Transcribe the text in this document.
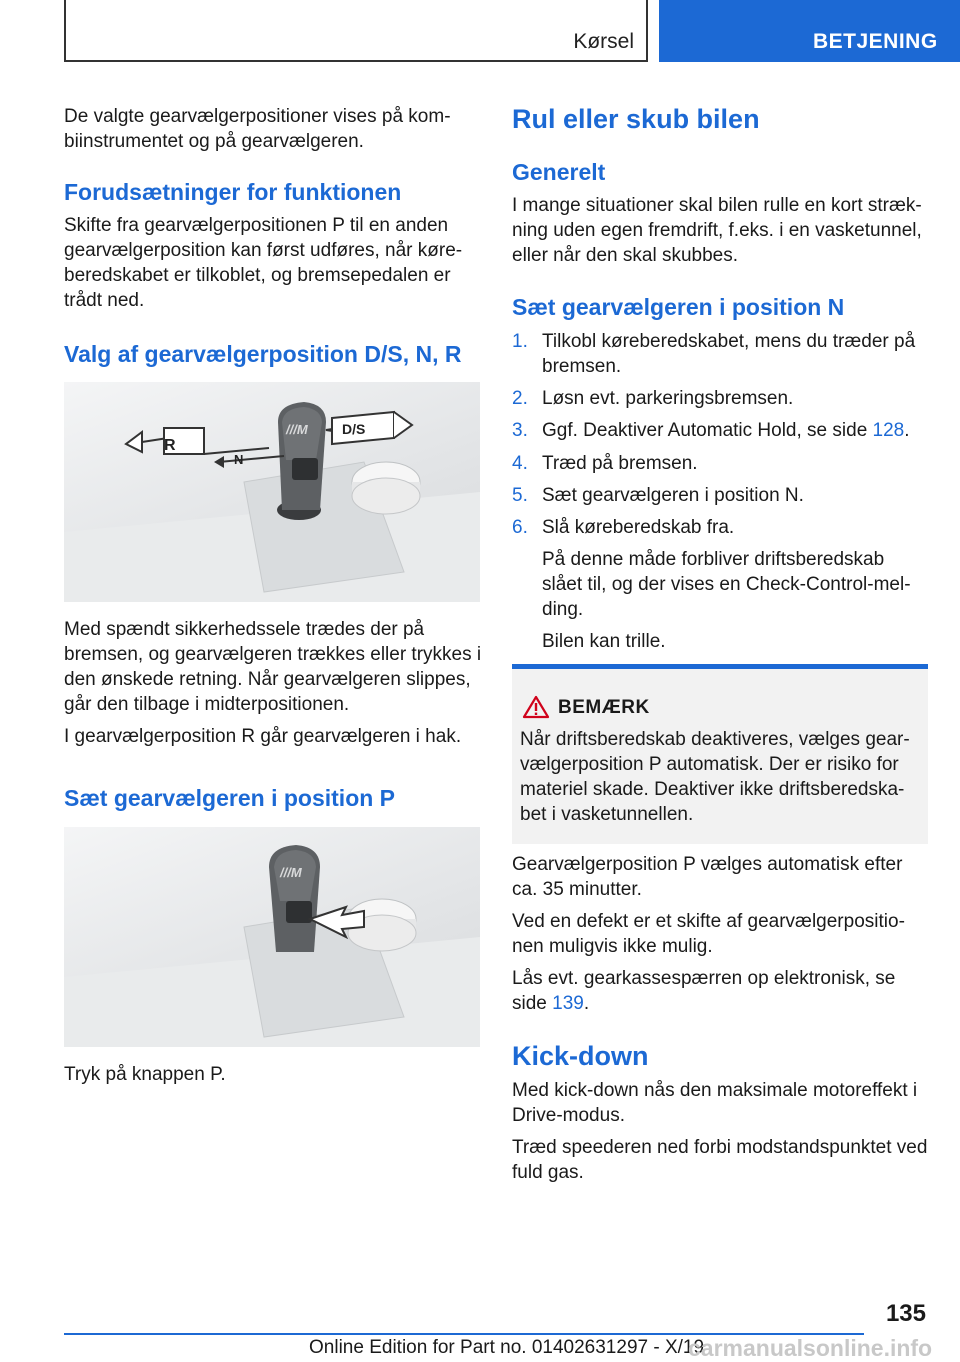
Kørsel	BETJENING

De valgte gearvælgerpositioner vises på kombiinstrumentet og på gearvælgeren.

Forudsætninger for funktionen

Skifte fra gearvælgerpositionen P til en anden gearvælgerposition kan først udføres, når køreberedskabet er tilkoblet, og bremsepedalen er trådt ned.

Valg af gearvælgerposition D/S, N, R

R
N
D/S
///M

Med spændt sikkerhedssele trædes der på bremsen, og gearvælgeren trækkes eller trykkes i den ønskede retning. Når gearvælgeren slippes, går den tilbage i midterpositionen.

I gearvælgerposition R går gearvælgeren i hak.

Sæt gearvælgeren i position P

///M

Tryk på knappen P.

Rul eller skub bilen

Generelt

I mange situationer skal bilen rulle en kort strækning uden egen fremdrift, f.eks. i en vasketunnel, eller når den skal skubbes.

Sæt gearvælgeren i position N

1. Tilkobl køreberedskabet, mens du træder på bremsen.

2. Løsn evt. parkeringsbremsen.

3. Ggf. Deaktiver Automatic Hold, se side 128.

4. Træd på bremsen.

5. Sæt gearvælgeren i position N.

6. Slå køreberedskab fra.

På denne måde forbliver driftsberedskab slået til, og der vises en Check-Control-melding.

Bilen kan trille.

BEMÆRK

Når driftsberedskab deaktiveres, vælges gearvælgerposition P automatisk. Der er risiko for materiel skade. Deaktiver ikke driftsberedskabet i vasketunnellen.

Gearvælgerposition P vælges automatisk efter ca. 35 minutter.

Ved en defekt er et skifte af gearvælgerpositionen muligvis ikke mulig.

Lås evt. gearkassespærren op elektronisk, se side 139.

Kick-down

Med kick-down nås den maksimale motoreffekt i Drive-modus.

Træd speederen ned forbi modstandspunktet ved fuld gas.

135
Online Edition for Part no. 01402631297 - X/19
carmanualsonline.info
